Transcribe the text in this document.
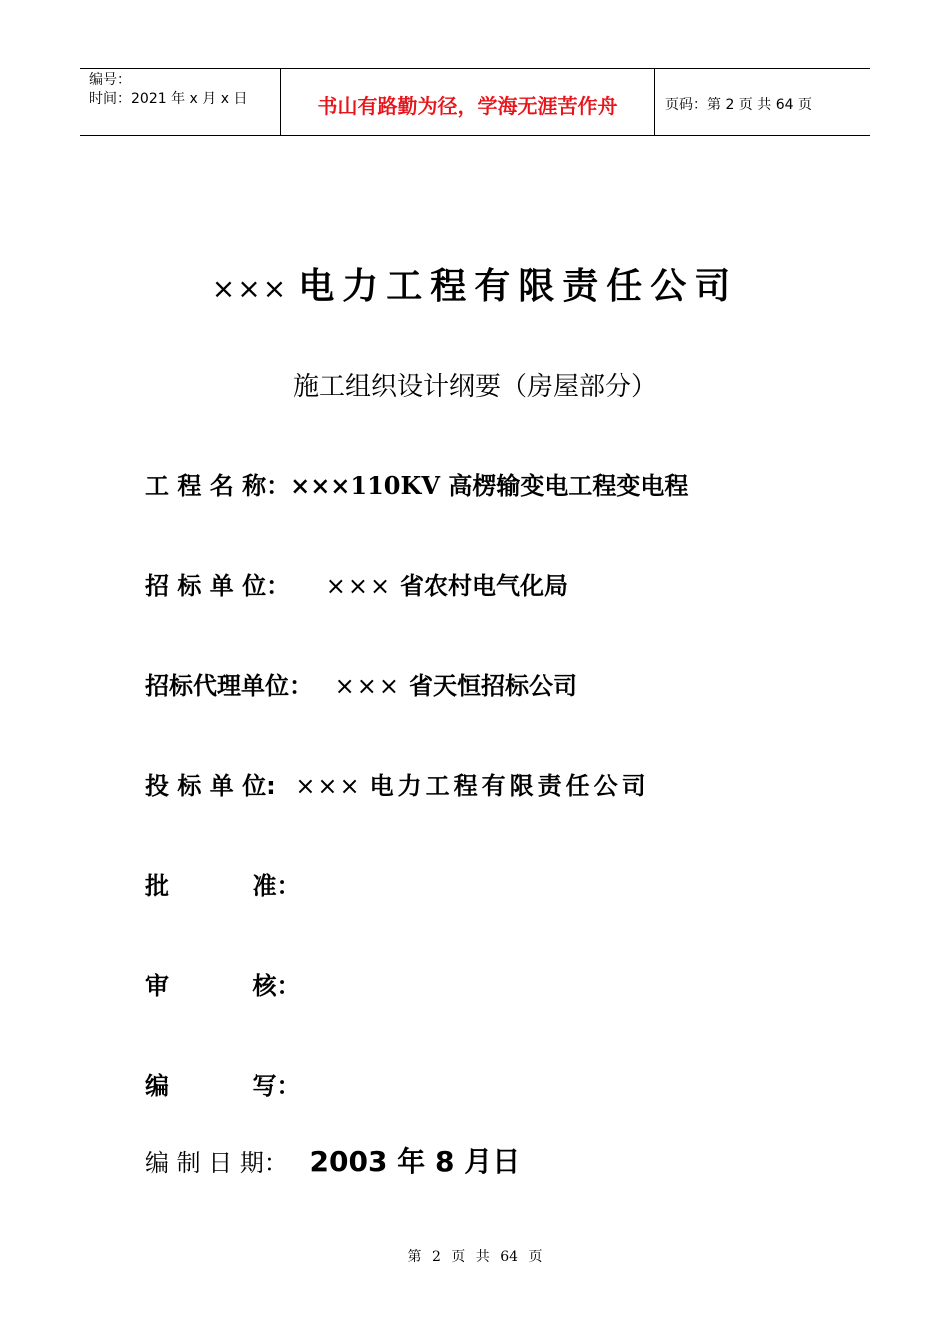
编号：
时间：2021 年 x 月 x 日	书山有路勤为径，学海无涯苦作舟	页码：第 2 页 共 64 页
××× 电力工程有限责任公司
施工组织设计纲要（房屋部分）
工 程 名 称：×××110KV 高楞输变电工程变电程
招 标 单 位： ××× 省农村电气化局
招标代理单位： ××× 省天恒招标公司
投 标 单 位: ××× 电力工程有限责任公司
批          准：
审          核：
编          写：
编 制 日 期： 2003 年 8 月日
第 2 页 共 64 页
